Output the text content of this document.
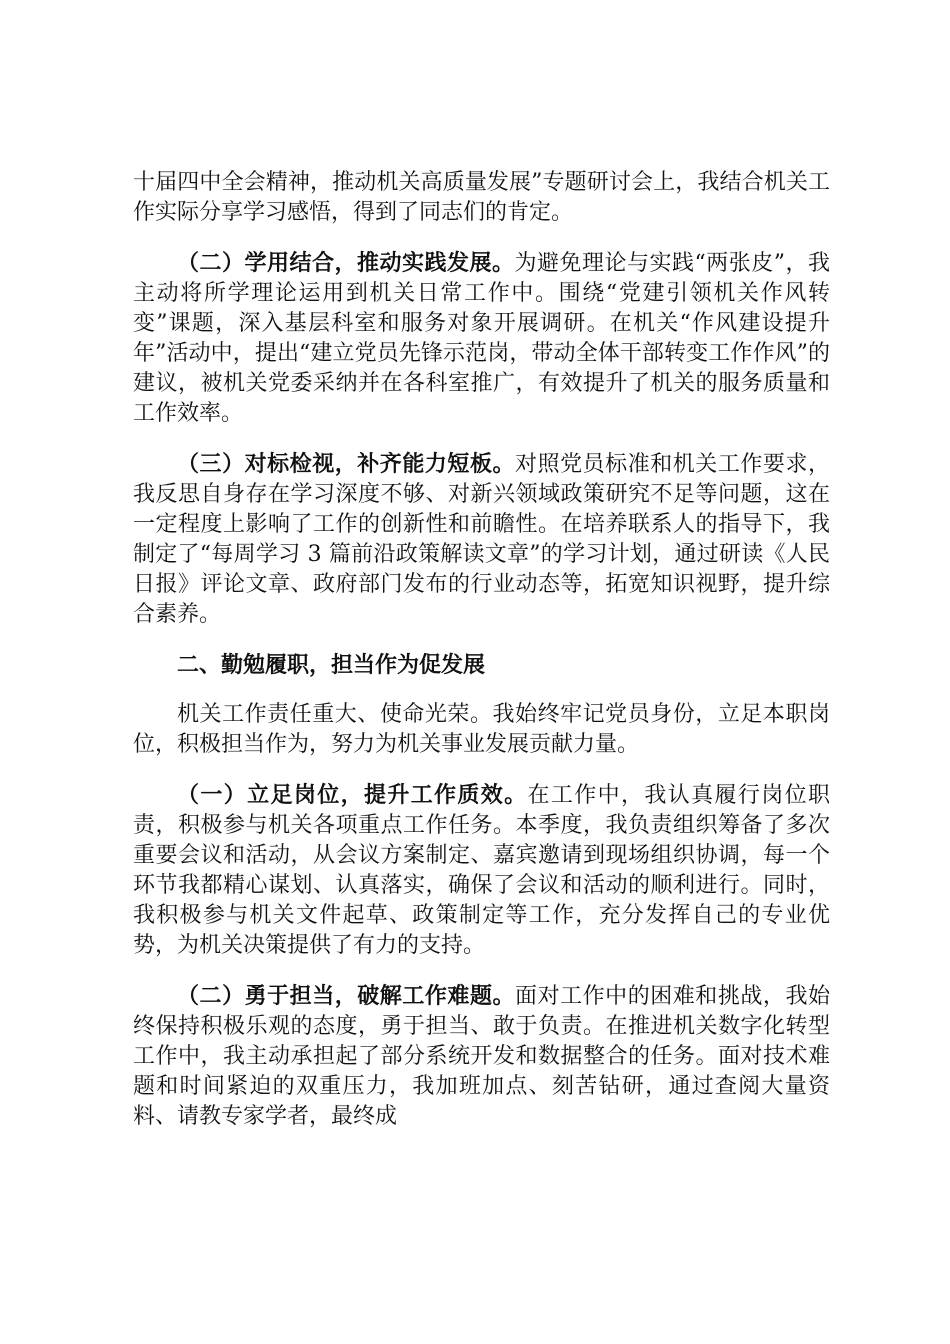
十届四中全会精神，推动机关高质量发展”专题研讨会上，我结合机关工作实际分享学习感悟，得到了同志们的肯定。

（二）学用结合，推动实践发展。为避免理论与实践“两张皮”，我主动将所学理论运用到机关日常工作中。围绕“党建引领机关作风转变”课题，深入基层科室和服务对象开展调研。在机关“作风建设提升年”活动中，提出“建立党员先锋示范岗，带动全体干部转变工作作风”的建议，被机关党委采纳并在各科室推广，有效提升了机关的服务质量和工作效率。

（三）对标检视，补齐能力短板。对照党员标准和机关工作要求，我反思自身存在学习深度不够、对新兴领域政策研究不足等问题，这在一定程度上影响了工作的创新性和前瞻性。在培养联系人的指导下，我制定了“每周学习 3 篇前沿政策解读文章”的学习计划，通过研读《人民日报》评论文章、政府部门发布的行业动态等，拓宽知识视野，提升综合素养。

二、勤勉履职，担当作为促发展

机关工作责任重大、使命光荣。我始终牢记党员身份，立足本职岗位，积极担当作为，努力为机关事业发展贡献力量。

（一）立足岗位，提升工作质效。在工作中，我认真履行岗位职责，积极参与机关各项重点工作任务。本季度，我负责组织筹备了多次重要会议和活动，从会议方案制定、嘉宾邀请到现场组织协调，每一个环节我都精心谋划、认真落实，确保了会议和活动的顺利进行。同时，我积极参与机关文件起草、政策制定等工作，充分发挥自己的专业优势，为机关决策提供了有力的支持。

（二）勇于担当，破解工作难题。面对工作中的困难和挑战，我始终保持积极乐观的态度，勇于担当、敢于负责。在推进机关数字化转型工作中，我主动承担起了部分系统开发和数据整合的任务。面对技术难题和时间紧迫的双重压力，我加班加点、刻苦钻研，通过查阅大量资料、请教专家学者，最终成
